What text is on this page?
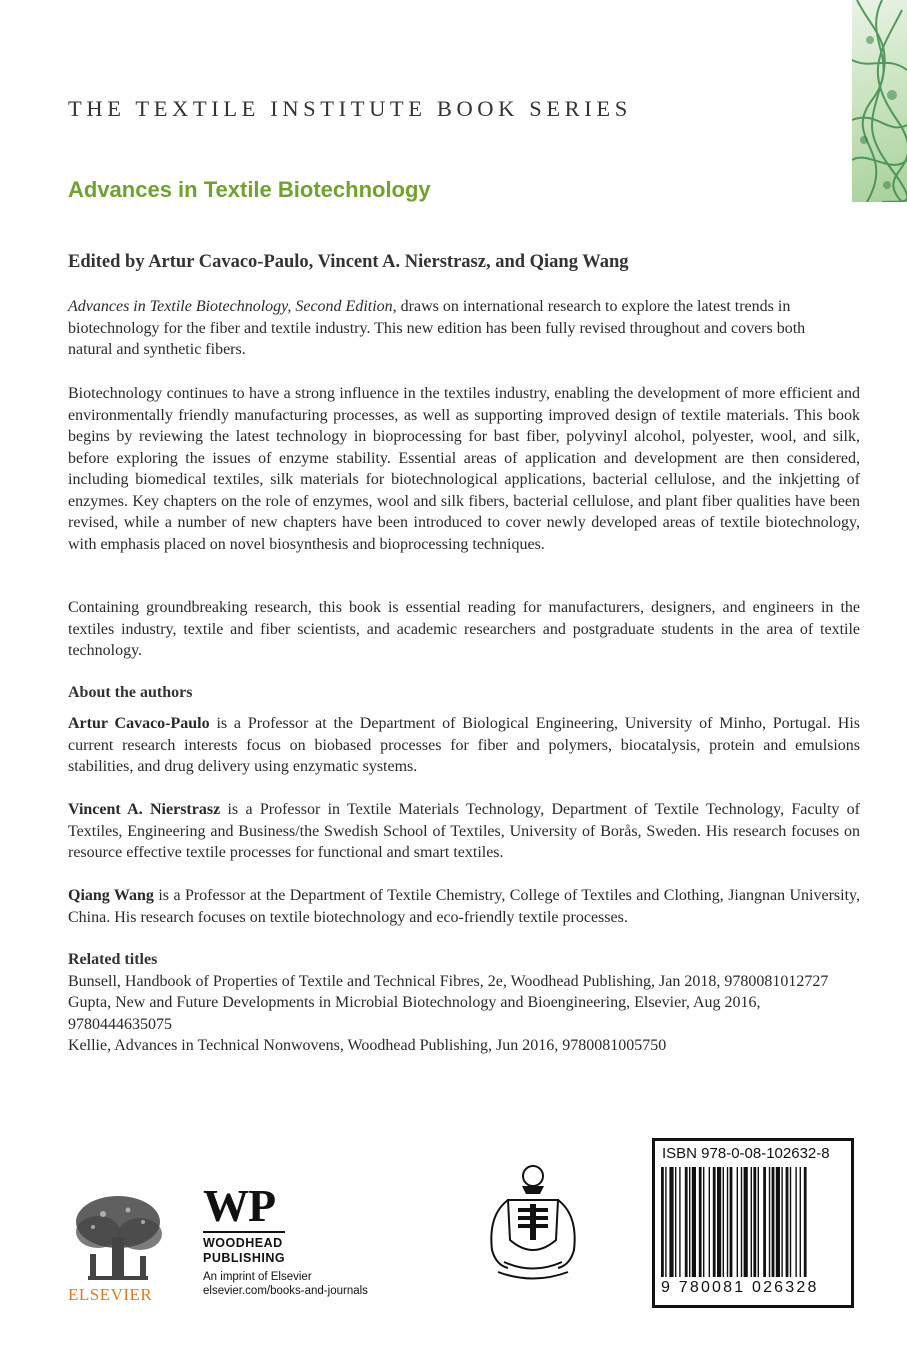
THE TEXTILE INSTITUTE BOOK SERIES
Advances in Textile Biotechnology
Edited by Artur Cavaco-Paulo, Vincent A. Nierstrasz, and Qiang Wang

Advances in Textile Biotechnology, Second Edition, draws on international research to explore the latest trends in biotechnology for the fiber and textile industry. This new edition has been fully revised throughout and covers both natural and synthetic fibers.

Biotechnology continues to have a strong influence in the textiles industry, enabling the development of more efficient and environmentally friendly manufacturing processes, as well as supporting improved design of textile materials. This book begins by reviewing the latest technology in bioprocessing for bast fiber, polyvinyl alcohol, polyester, wool, and silk, before exploring the issues of enzyme stability. Essential areas of application and development are then considered, including biomedical textiles, silk materials for biotechnological applications, bacterial cellulose, and the inkjetting of enzymes. Key chapters on the role of enzymes, wool and silk fibers, bacterial cellulose, and plant fiber qualities have been revised, while a number of new chapters have been introduced to cover newly developed areas of textile biotechnology, with emphasis placed on novel biosynthesis and bioprocessing techniques.

Containing groundbreaking research, this book is essential reading for manufacturers, designers, and engineers in the textiles industry, textile and fiber scientists, and academic researchers and postgraduate students in the area of textile technology.

About the authors

Artur Cavaco-Paulo is a Professor at the Department of Biological Engineering, University of Minho, Portugal. His current research interests focus on biobased processes for fiber and polymers, biocatalysis, protein and emulsions stabilities, and drug delivery using enzymatic systems.

Vincent A. Nierstrasz is a Professor in Textile Materials Technology, Department of Textile Technology, Faculty of Textiles, Engineering and Business/the Swedish School of Textiles, University of Borås, Sweden. His research focuses on resource effective textile processes for functional and smart textiles.

Qiang Wang is a Professor at the Department of Textile Chemistry, College of Textiles and Clothing, Jiangnan University, China. His research focuses on textile biotechnology and eco-friendly textile processes.

Related titles

Bunsell, Handbook of Properties of Textile and Technical Fibres, 2e, Woodhead Publishing, Jan 2018, 9780081012727

Gupta, New and Future Developments in Microbial Biotechnology and Bioengineering, Elsevier, Aug 2016, 9780444635075

Kellie, Advances in Technical Nonwovens, Woodhead Publishing, Jun 2016, 9780081005750

ELSEVIER
WP
WOODHEAD
PUBLISHING
An imprint of Elsevier
elsevier.com/books-and-journals
ISBN 978-0-08-102632-8
9 780081 026328
